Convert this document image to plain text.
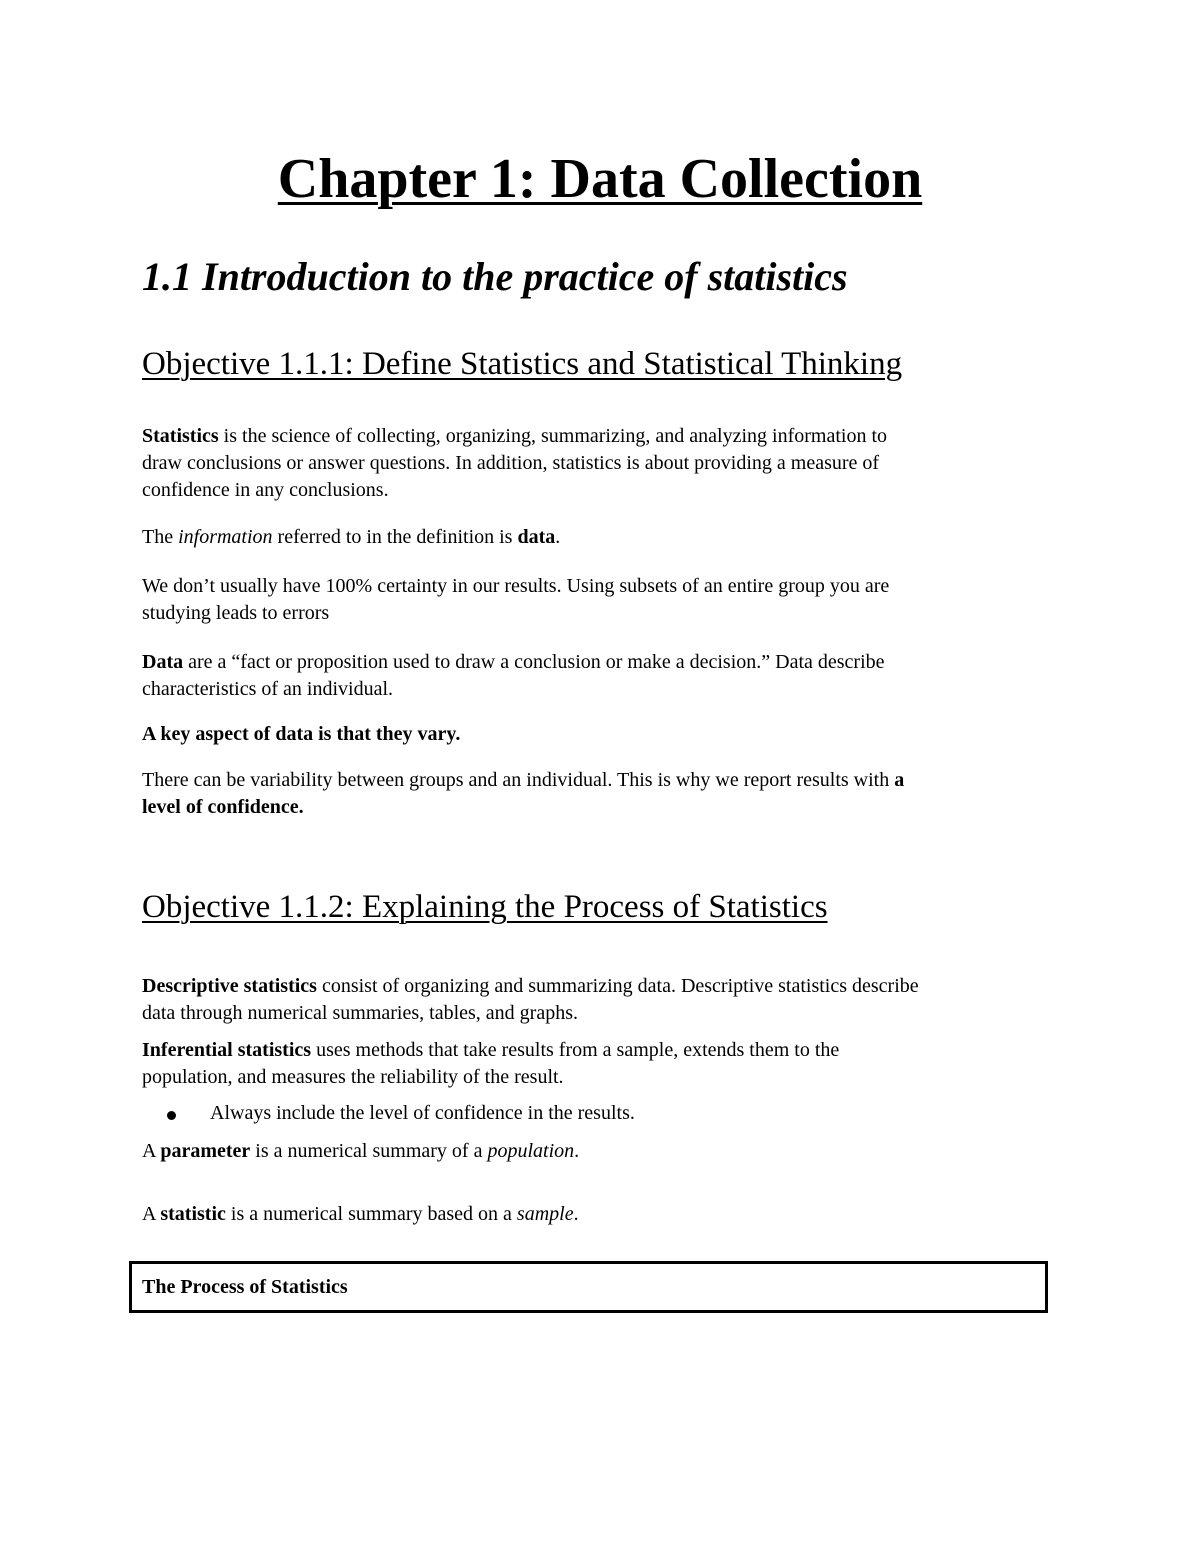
Chapter 1: Data Collection
1.1 Introduction to the practice of statistics
Objective 1.1.1: Define Statistics and Statistical Thinking

Statistics is the science of collecting, organizing, summarizing, and analyzing information to
draw conclusions or answer questions. In addition, statistics is about providing a measure of
confidence in any conclusions.

The information referred to in the definition is data.

We don’t usually have 100% certainty in our results. Using subsets of an entire group you are
studying leads to errors

Data are a “fact or proposition used to draw a conclusion or make a decision.” Data describe
characteristics of an individual.

A key aspect of data is that they vary.

There can be variability between groups and an individual. This is why we report results with a
level of confidence.

Objective 1.1.2: Explaining the Process of Statistics

Descriptive statistics consist of organizing and summarizing data. Descriptive statistics describe
data through numerical summaries, tables, and graphs.

Inferential statistics uses methods that take results from a sample, extends them to the
population, and measures the reliability of the result.

Always include the level of confidence in the results.

A parameter is a numerical summary of a population.

A statistic is a numerical summary based on a sample.

The Process of Statistics
